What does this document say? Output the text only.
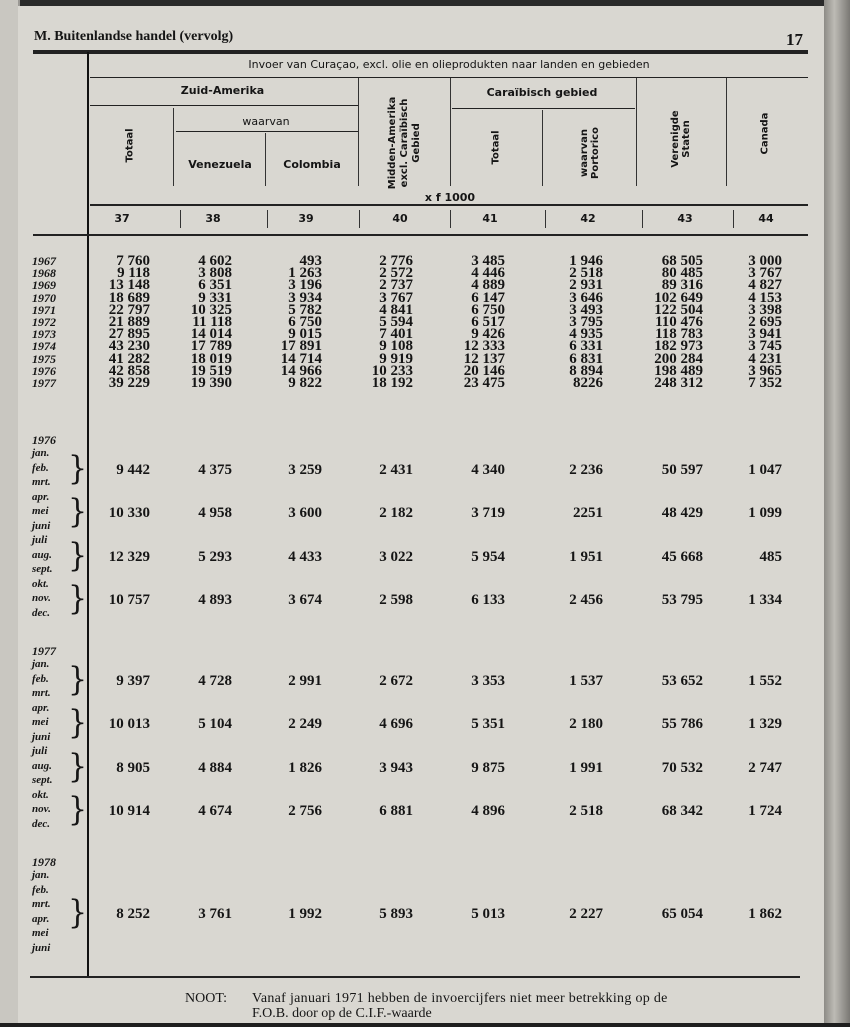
M. Buitenlandse handel (vervolg)	17
Invoer van Curaçao, excl. olie en olieprodukten naar landen en gebieden
Zuid-Amerika
waarvan
Caraïbisch gebied
Totaal
Venezuela	Colombia	Midden-Amerika excl. Caraïbisch Gebied	Totaal	waarvan Portorico	Verenigde Staten	Canada
x f 1000
37	38	39	40	41	42	43	44
1967	7 760	4 602	493	2 776	3 485	1 946	68 505	3 000
1968	9 118	3 808	1 263	2 572	4 446	2 518	80 485	3 767
1969	13 148	6 351	3 196	2 737	4 889	2 931	89 316	4 827
1970	18 689	9 331	3 934	3 767	6 147	3 646	102 649	4 153
1971	22 797	10 325	5 782	4 841	6 750	3 493	122 504	3 398
1972	21 889	11 118	6 750	5 594	6 517	3 795	110 476	2 695
1973	27 895	14 014	9 015	7 401	9 426	4 935	118 783	3 941
1974	43 230	17 789	17 891	9 108	12 333	6 331	182 973	3 745
1975	41 282	18 019	14 714	9 919	12 137	6 831	200 284	4 231
1976	42 858	19 519	14 966	10 233	20 146	8 894	198 489	3 965
1977	39 229	19 390	9 822	18 192	23 475	8226	248 312	7 352
1976
jan.
feb.
mrt. }	9 442	4 375	3 259	2 431	4 340	2 236	50 597	1 047
apr.
mei
juni }	10 330	4 958	3 600	2 182	3 719	2251	48 429	1 099
juli
aug.
sept. }	12 329	5 293	4 433	3 022	5 954	1 951	45 668	485
okt.
nov.
dec. }	10 757	4 893	3 674	2 598	6 133	2 456	53 795	1 334
1977
jan.
feb.
mrt. }	9 397	4 728	2 991	2 672	3 353	1 537	53 652	1 552
apr.
mei
juni }	10 013	5 104	2 249	4 696	5 351	2 180	55 786	1 329
juli
aug.
sept. }	8 905	4 884	1 826	3 943	9 875	1 991	70 532	2 747
okt.
nov.
dec. }	10 914	4 674	2 756	6 881	4 896	2 518	68 342	1 724
1978
jan.
feb.
mrt.
apr.
mei
juni
}	8 252	3 761	1 992	5 893	5 013	2 227	65 054	1 862
NOOT: Vanaf januari 1971 hebben de invoercijfers niet meer betrekking op de
F.O.B. door op de C.I.F.-waarde
